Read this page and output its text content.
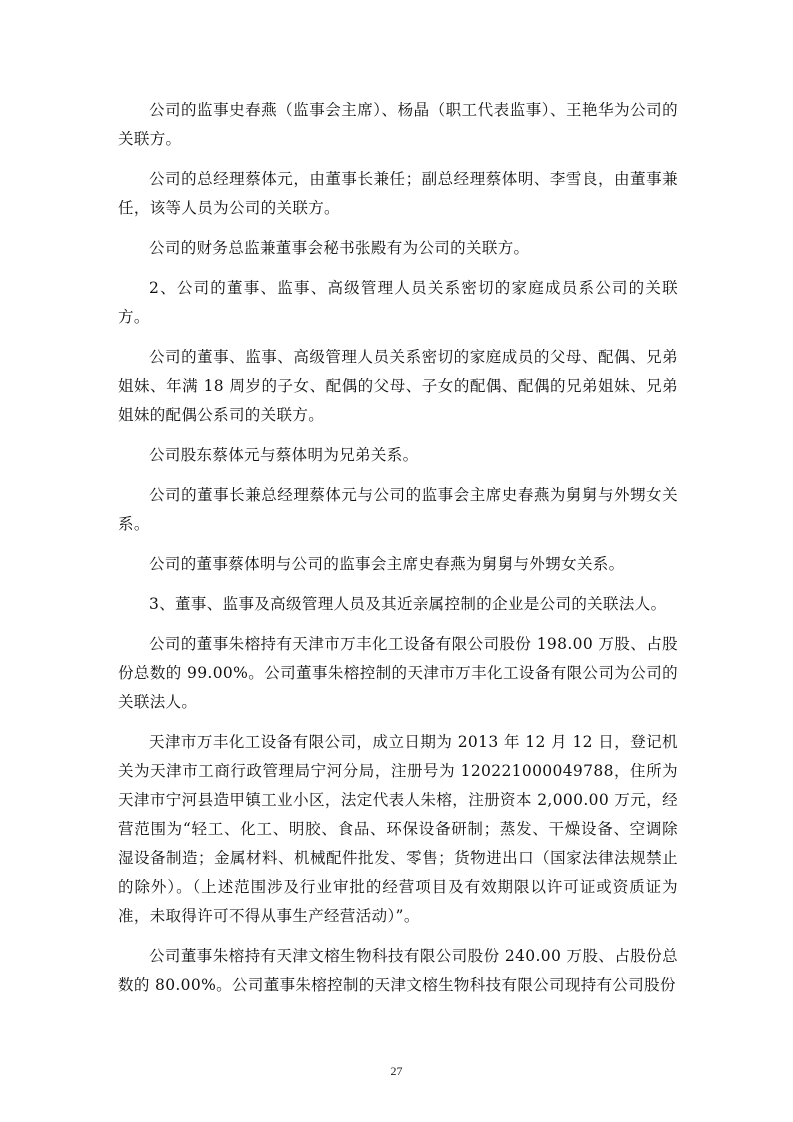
公司的监事史春燕（监事会主席）、杨晶（职工代表监事）、王艳华为公司的关联方。

公司的总经理蔡体元，由董事长兼任；副总经理蔡体明、李雪良，由董事兼任，该等人员为公司的关联方。

公司的财务总监兼董事会秘书张殿有为公司的关联方。

2、公司的董事、监事、高级管理人员关系密切的家庭成员系公司的关联方。

公司的董事、监事、高级管理人员关系密切的家庭成员的父母、配偶、兄弟姐妹、年满 18 周岁的子女、配偶的父母、子女的配偶、配偶的兄弟姐妹、兄弟姐妹的配偶公系司的关联方。

公司股东蔡体元与蔡体明为兄弟关系。

公司的董事长兼总经理蔡体元与公司的监事会主席史春燕为舅舅与外甥女关系。

公司的董事蔡体明与公司的监事会主席史春燕为舅舅与外甥女关系。

3、董事、监事及高级管理人员及其近亲属控制的企业是公司的关联法人。

公司的董事朱榕持有天津市万丰化工设备有限公司股份 198.00 万股、占股份总数的 99.00%。公司董事朱榕控制的天津市万丰化工设备有限公司为公司的关联法人。

天津市万丰化工设备有限公司，成立日期为 2013 年 12 月 12 日，登记机关为天津市工商行政管理局宁河分局，注册号为 120221000049788，住所为天津市宁河县造甲镇工业小区，法定代表人朱榕，注册资本 2,000.00 万元，经营范围为“轻工、化工、明胶、食品、环保设备研制；蒸发、干燥设备、空调除湿设备制造；金属材料、机械配件批发、零售；货物进出口（国家法律法规禁止的除外）。（上述范围涉及行业审批的经营项目及有效期限以许可证或资质证为准，未取得许可不得从事生产经营活动）”。

公司董事朱榕持有天津文榕生物科技有限公司股份 240.00 万股、占股份总数的 80.00%。公司董事朱榕控制的天津文榕生物科技有限公司现持有公司股份

27
